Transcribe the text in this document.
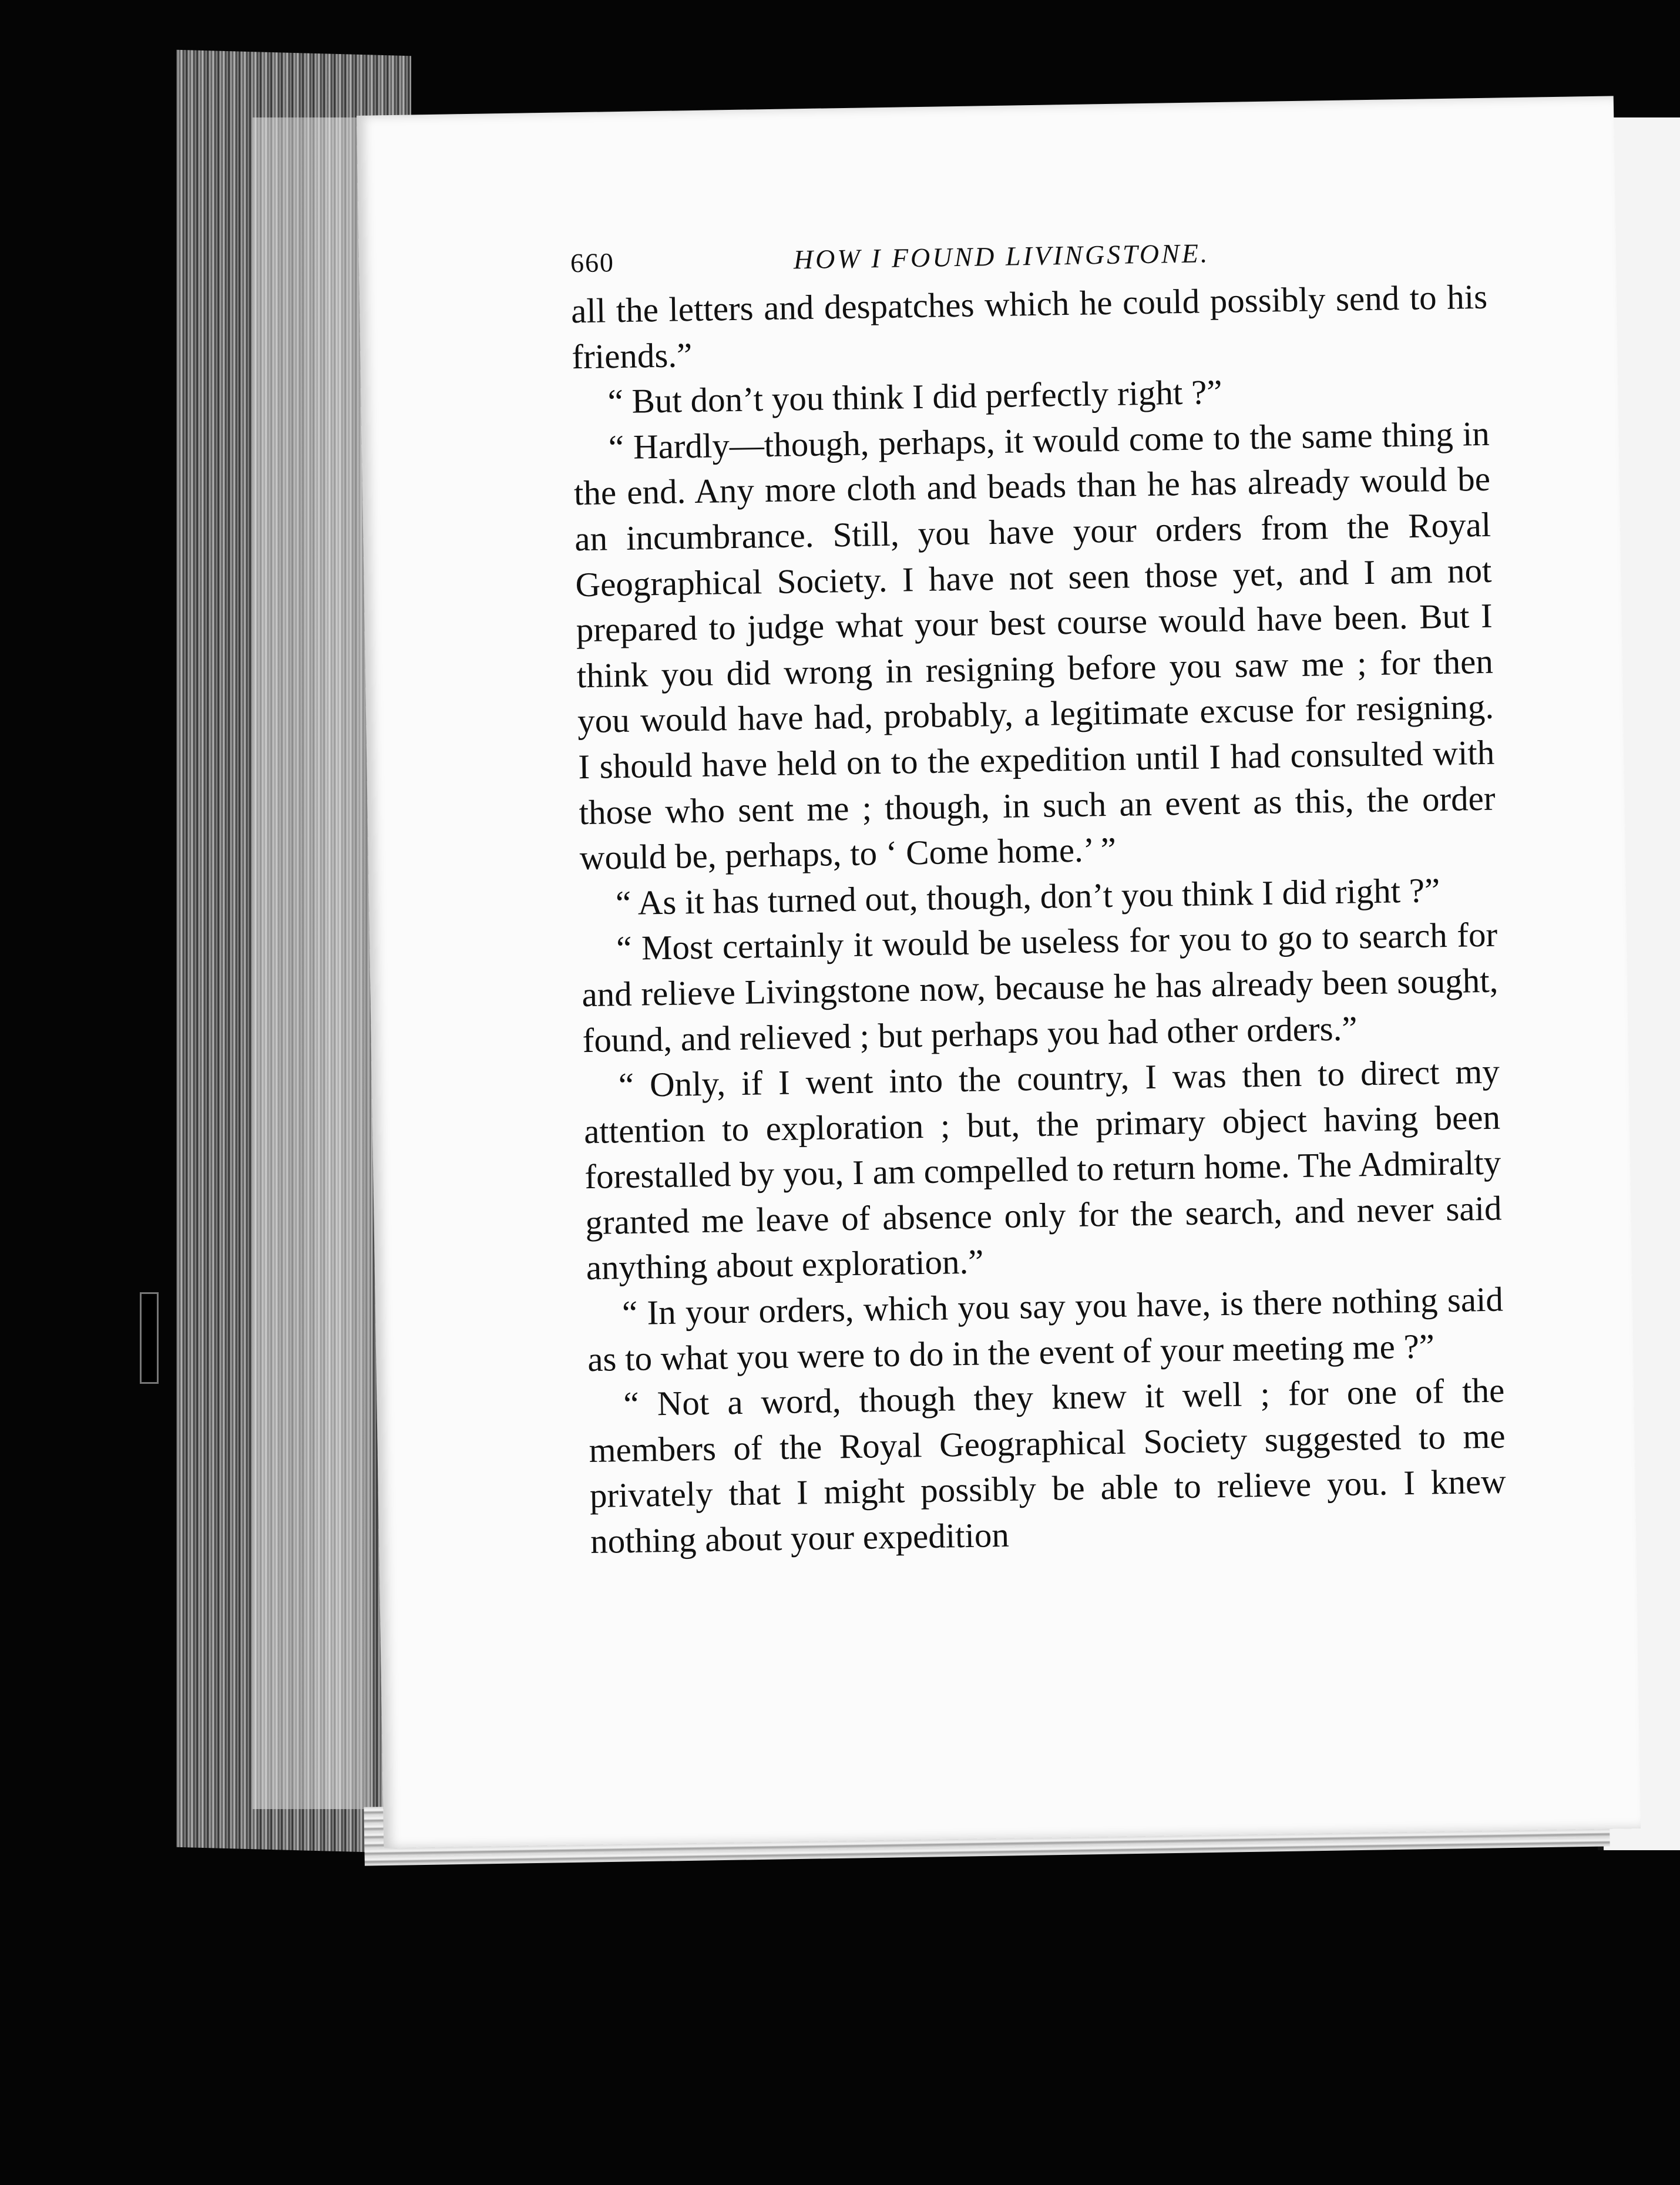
660	HOW I FOUND LIVINGSTONE.

all the letters and despatches which he could possibly send to his friends.”

“ But don’t you think I did perfectly right ?”

“ Hardly—though, perhaps, it would come to the same thing in the end. Any more cloth and beads than he has already would be an incumbrance. Still, you have your orders from the Royal Geographical Society. I have not seen those yet, and I am not prepared to judge what your best course would have been. But I think you did wrong in resigning before you saw me ; for then you would have had, probably, a legitimate excuse for resigning. I should have held on to the expedition until I had consulted with those who sent me ; though, in such an event as this, the order would be, perhaps, to ‘ Come home.’ ”

“ As it has turned out, though, don’t you think I did right ?”

“ Most certainly it would be useless for you to go to search for and relieve Livingstone now, because he has already been sought, found, and relieved ; but perhaps you had other orders.”

“ Only, if I went into the country, I was then to direct my attention to exploration ; but, the primary object having been forestalled by you, I am compelled to return home. The Admiralty granted me leave of absence only for the search, and never said anything about exploration.”

“ In your orders, which you say you have, is there nothing said as to what you were to do in the event of your meeting me ?”

“ Not a word, though they knew it well ; for one of the members of the Royal Geographical Society suggested to me privately that I might possibly be able to relieve you. I knew nothing about your expedition
